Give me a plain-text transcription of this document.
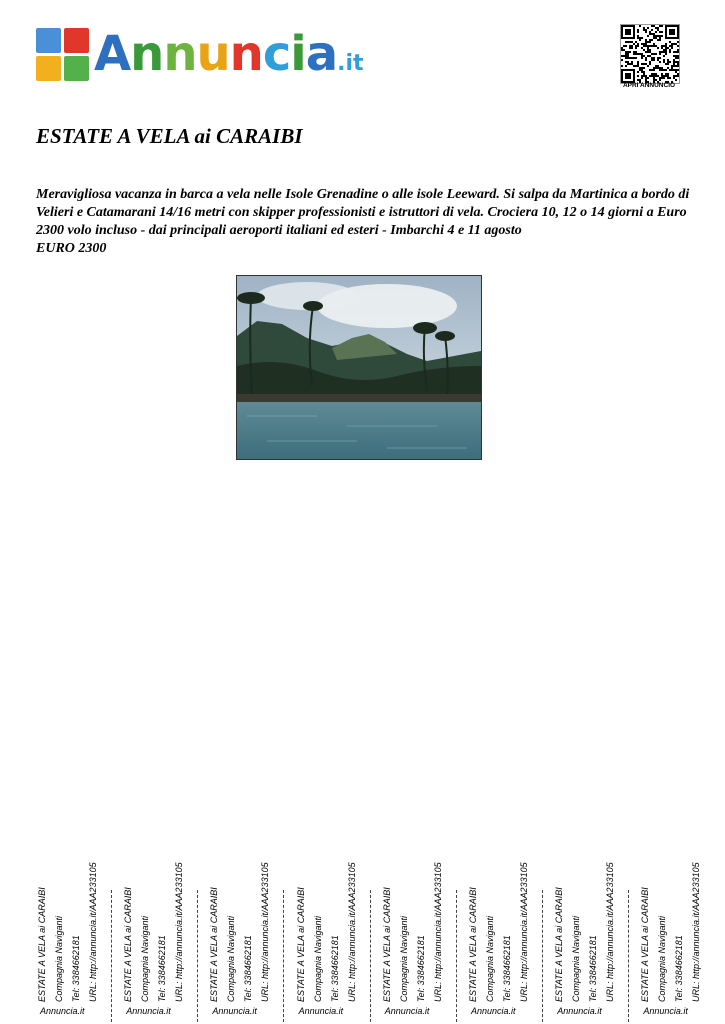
Annuncia.it
APRI ANNUNCIO
ESTATE A VELA ai CARAIBI
Meravigliosa vacanza in barca a vela nelle Isole Grenadine o alle isole Leeward. Si salpa da Martinica a bordo di Velieri e Catamarani 14/16 metri con skipper professionisti e istruttori di vela. Crociera 10, 12 o 14 giorni a Euro 2300 volo incluso - dai principali aeroporti italiani ed esteri - Imbarchi 4 e 11 agosto
EURO 2300
ESTATE A VELA ai CARAIBI Compagnia Naviganti Tel: 3384662181 URL: http://annuncia.it/AAA233105
Annuncia.it
ESTATE A VELA ai CARAIBI Compagnia Naviganti Tel: 3384662181 URL: http://annuncia.it/AAA233105
Annuncia.it
ESTATE A VELA ai CARAIBI Compagnia Naviganti Tel: 3384662181 URL: http://annuncia.it/AAA233105
Annuncia.it
ESTATE A VELA ai CARAIBI Compagnia Naviganti Tel: 3384662181 URL: http://annuncia.it/AAA233105
Annuncia.it
ESTATE A VELA ai CARAIBI Compagnia Naviganti Tel: 3384662181 URL: http://annuncia.it/AAA233105
Annuncia.it
ESTATE A VELA ai CARAIBI Compagnia Naviganti Tel: 3384662181 URL: http://annuncia.it/AAA233105
Annuncia.it
ESTATE A VELA ai CARAIBI Compagnia Naviganti Tel: 3384662181 URL: http://annuncia.it/AAA233105
Annuncia.it
ESTATE A VELA ai CARAIBI Compagnia Naviganti Tel: 3384662181 URL: http://annuncia.it/AAA233105
Annuncia.it
